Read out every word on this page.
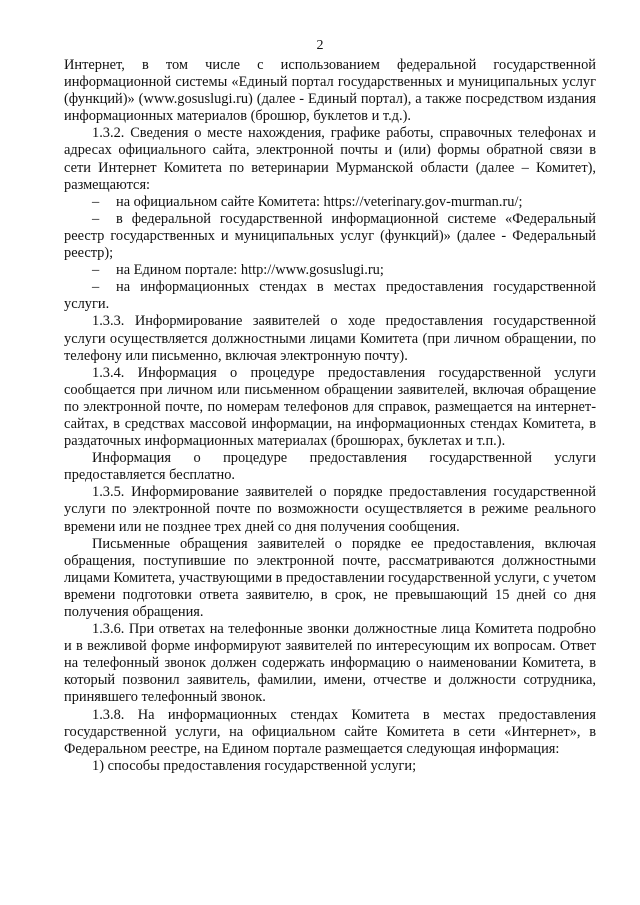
2

Интернет, в том числе с использованием федеральной государственной информационной системы «Единый портал государственных и муниципальных услуг (функций)» (www.gosuslugi.ru) (далее - Единый портал), а также посредством издания информационных материалов (брошюр, буклетов и т.д.).

1.3.2. Сведения о месте нахождения, графике работы, справочных телефонах и адресах официального сайта, электронной почты и (или) формы обратной связи в сети Интернет Комитета по ветеринарии Мурманской области (далее – Комитет), размещаются:

– на официальном сайте Комитета: https://veterinary.gov-murman.ru/;

– в федеральной государственной информационной системе «Федеральный реестр государственных и муниципальных услуг (функций)» (далее - Федеральный реестр);

– на Едином портале: http://www.gosuslugi.ru;

– на информационных стендах в местах предоставления государственной услуги.

1.3.3. Информирование заявителей о ходе предоставления государственной услуги осуществляется должностными лицами Комитета (при личном обращении, по телефону или письменно, включая электронную почту).

1.3.4. Информация о процедуре предоставления государственной услуги сообщается при личном или письменном обращении заявителей, включая обращение по электронной почте, по номерам телефонов для справок, размещается на интернет-сайтах, в средствах массовой информации, на информационных стендах Комитета, в раздаточных информационных материалах (брошюрах, буклетах и т.п.).

Информация о процедуре предоставления государственной услуги предоставляется бесплатно.

1.3.5. Информирование заявителей о порядке предоставления государственной услуги по электронной почте по возможности осуществляется в режиме реального времени или не позднее трех дней со дня получения сообщения.

Письменные обращения заявителей о порядке ее предоставления, включая обращения, поступившие по электронной почте, рассматриваются должностными лицами Комитета, участвующими в предоставлении государственной услуги, с учетом времени подготовки ответа заявителю, в срок, не превышающий 15 дней со дня получения обращения.

1.3.6. При ответах на телефонные звонки должностные лица Комитета подробно и в вежливой форме информируют заявителей по интересующим их вопросам. Ответ на телефонный звонок должен содержать информацию о наименовании Комитета, в который позвонил заявитель, фамилии, имени, отчестве и должности сотрудника, принявшего телефонный звонок.

1.3.8. На информационных стендах Комитета в местах предоставления государственной услуги, на официальном сайте Комитета в сети «Интернет», в Федеральном реестре, на Едином портале размещается следующая информация:

1) способы предоставления государственной услуги;
